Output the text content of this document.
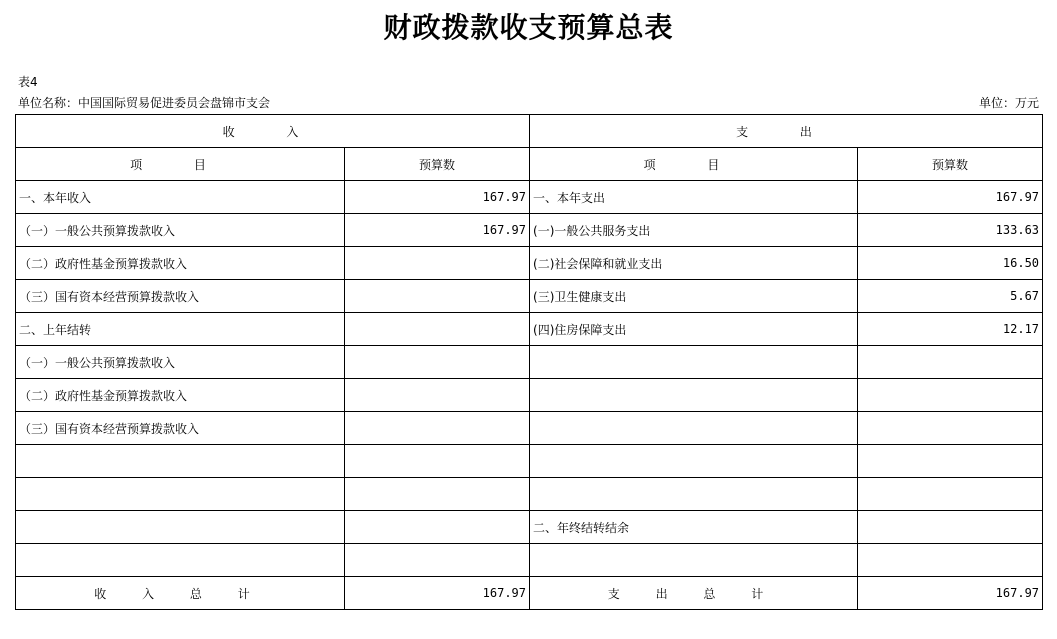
财政拨款收支预算总表
表4
单位名称：中国国际贸易促进委员会盘锦市支会	单位：万元
收 入		支 出	
项 目	预算数	项 目	预算数
一、本年收入	167.97	一、本年支出	167.97
（一）一般公共预算拨款收入	167.97	(一)一般公共服务支出	133.63
（二）政府性基金预算拨款收入		(二)社会保障和就业支出	16.50
（三）国有资本经营预算拨款收入		(三)卫生健康支出	5.67
二、上年结转		(四)住房保障支出	12.17
（一）一般公共预算拨款收入			
（二）政府性基金预算拨款收入			
（三）国有资本经营预算拨款收入			

		二、年终结转结余	

收 入 总 计	167.97	支 出 总 计	167.97
